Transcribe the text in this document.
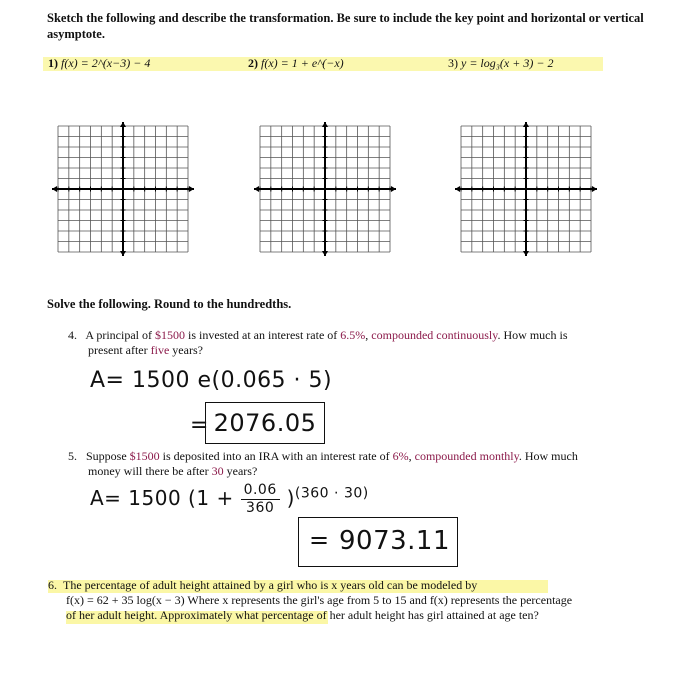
Sketch the following and describe the transformation. Be sure to include the key point and horizontal or vertical asymptote.
1) f(x) = 2^(x−3) − 4	2) f(x) = 1 + e^(−x)	3) y = log₃(x + 3) − 2
Solve the following. Round to the hundredths.
4. A principal of $1500 is invested at an interest rate of 6.5%, compounded continuously. How much is
present after five years?
A= 1500 e(0.065 · 5)
= 2076.05
5. Suppose $1500 is deposited into an IRA with an interest rate of 6%, compounded monthly. How much
money will there be after 30 years?
A= 1500 $(1 + \frac{0.06}{360} )^{(360 \cdot 30)}$
= 9073.11
6. The percentage of adult height attained by a girl who is x years old can be modeled by
f(x) = 62 + 35 log(x − 3) Where x represents the girl's age from 5 to 15 and f(x) represents the percentage
of her adult height. Approximately what percentage of her adult height has girl attained at age ten?
